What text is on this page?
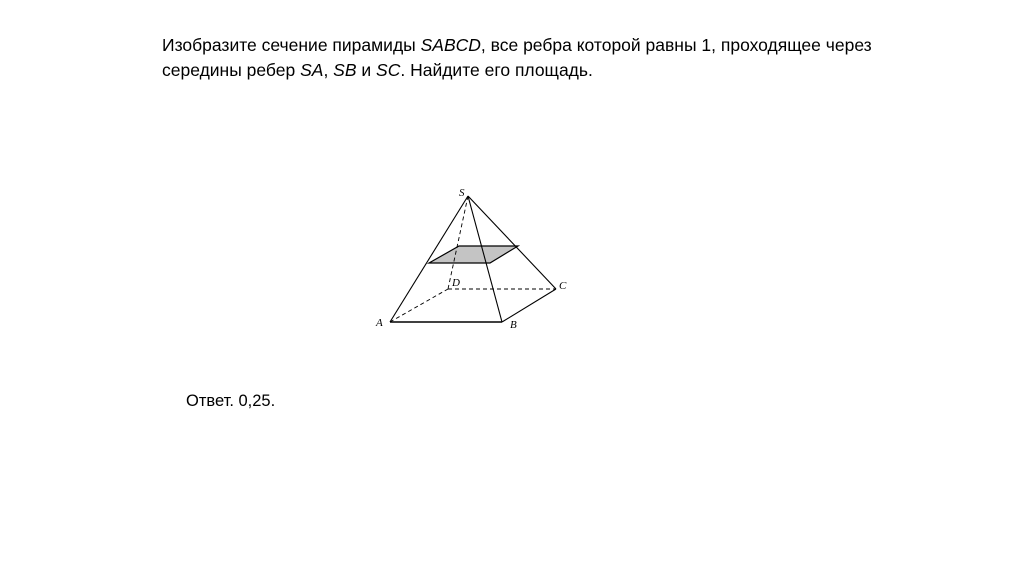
Изобразите сечение пирамиды SABCD, все ребра которой равны 1, проходящее через середины ребер SA, SB и SC. Найдите его площадь.
S
A	B
C
D
Ответ. 0,25.
